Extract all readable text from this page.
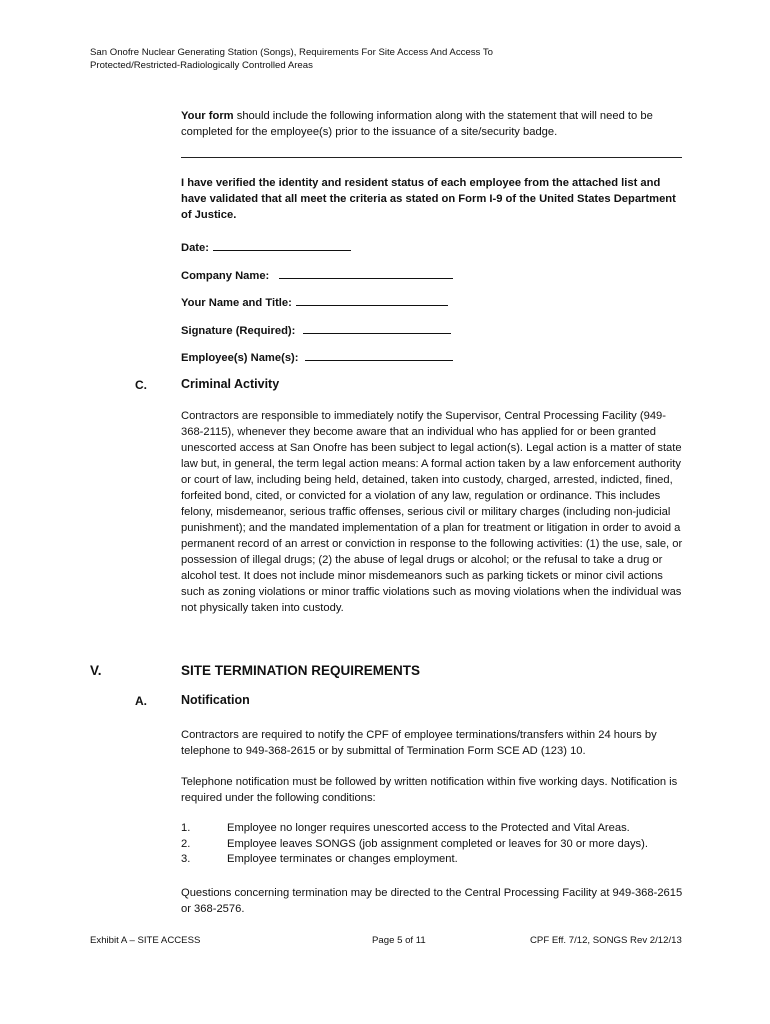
San Onofre Nuclear Generating Station (Songs), Requirements For Site Access And Access To
Protected/Restricted-Radiologically Controlled Areas
Your form should include the following information along with the statement that will need to be completed for the employee(s) prior to the issuance of a site/security badge.
I have verified the identity and resident status of each employee from the attached list and have validated that all meet the criteria as stated on Form I-9 of the United States Department of Justice.
Date:
Company Name:
Your Name and Title:
Signature (Required):
Employee(s) Name(s):
C.	Criminal Activity
Contractors are responsible to immediately notify the Supervisor, Central Processing Facility (949-368-2115), whenever they become aware that an individual who has applied for or been granted unescorted access at San Onofre has been subject to legal action(s). Legal action is a matter of state law but, in general, the term legal action means: A formal action taken by a law enforcement authority or court of law, including being held, detained, taken into custody, charged, arrested, indicted, fined, forfeited bond, cited, or convicted for a violation of any law, regulation or ordinance. This includes felony, misdemeanor, serious traffic offenses, serious civil or military charges (including non-judicial punishment); and the mandated implementation of a plan for treatment or litigation in order to avoid a permanent record of an arrest or conviction in response to the following activities: (1) the use, sale, or possession of illegal drugs; (2) the abuse of legal drugs or alcohol; or the refusal to take a drug or alcohol test. It does not include minor misdemeanors such as parking tickets or minor civil actions such as zoning violations or minor traffic violations such as moving violations when the individual was not physically taken into custody.
V.	SITE TERMINATION REQUIREMENTS
A.	Notification
Contractors are required to notify the CPF of employee terminations/transfers within 24 hours by telephone to 949-368-2615 or by submittal of Termination Form SCE AD (123) 10.
Telephone notification must be followed by written notification within five working days. Notification is required under the following conditions:
1.	Employee no longer requires unescorted access to the Protected and Vital Areas.
2.	Employee leaves SONGS (job assignment completed or leaves for 30 or more days).
3.	Employee terminates or changes employment.
Questions concerning termination may be directed to the Central Processing Facility at 949-368-2615 or 368-2576.
Exhibit A – SITE ACCESS	Page 5 of 11	CPF Eff. 7/12, SONGS Rev 2/12/13
